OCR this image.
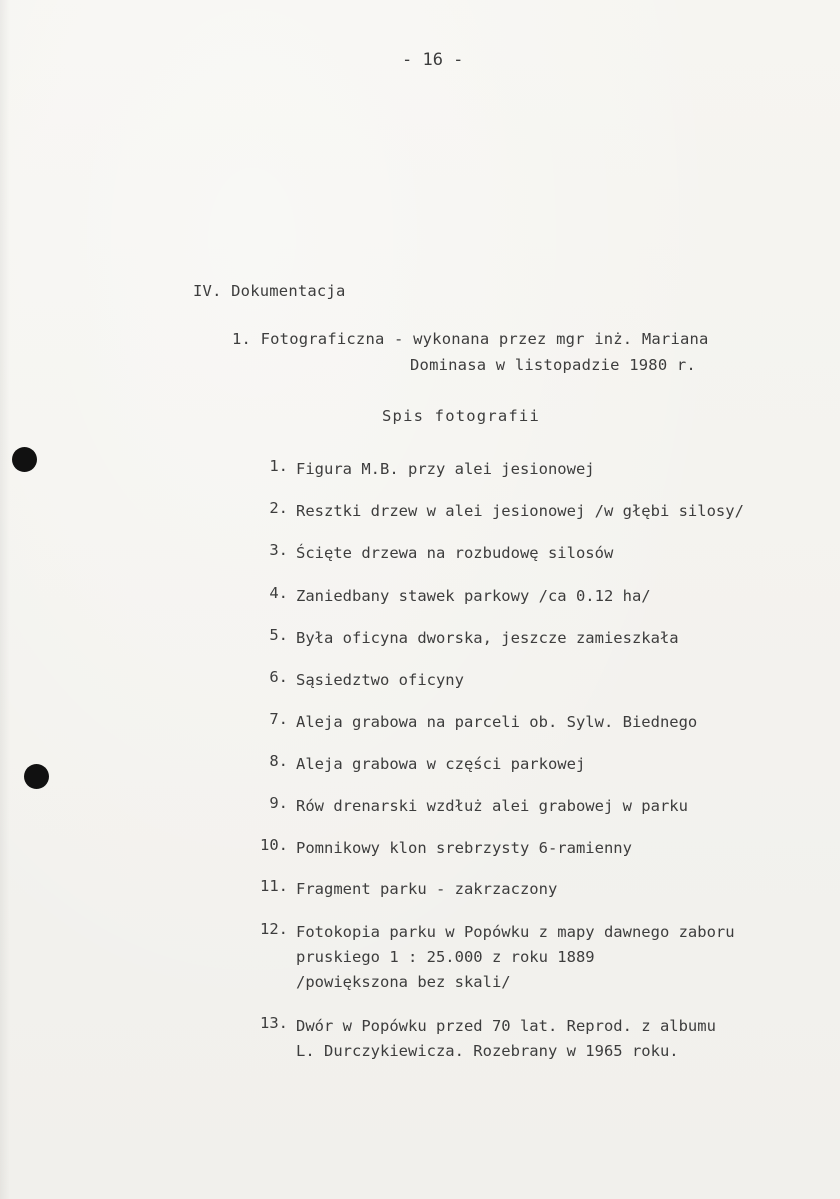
- 16 -
IV. Dokumentacja
1. Fotograficzna - wykonana przez mgr inż. Mariana
Dominasa w listopadzie 1980 r.
Spis fotografii
1. Figura M.B. przy alei jesionowej
2. Resztki drzew w alei jesionowej /w głębi silosy/
3. Ścięte drzewa na rozbudowę silosów
4. Zaniedbany stawek parkowy /ca 0.12 ha/
5. Była oficyna dworska, jeszcze zamieszkała
6. Sąsiedztwo oficyny
7. Aleja grabowa na parceli ob. Sylw. Biednego
8. Aleja grabowa w części parkowej
9. Rów drenarski wzdłuż alei grabowej w parku
10. Pomnikowy klon srebrzysty 6-ramienny
11. Fragment parku - zakrzaczony
12. Fotokopia parku w Popówku z mapy dawnego zaboru
pruskiego 1 : 25.000 z roku 1889
/powiększona bez skali/
13. Dwór w Popówku przed 70 lat. Reprod. z albumu
L. Durczykiewicza. Rozebrany w 1965 roku.
